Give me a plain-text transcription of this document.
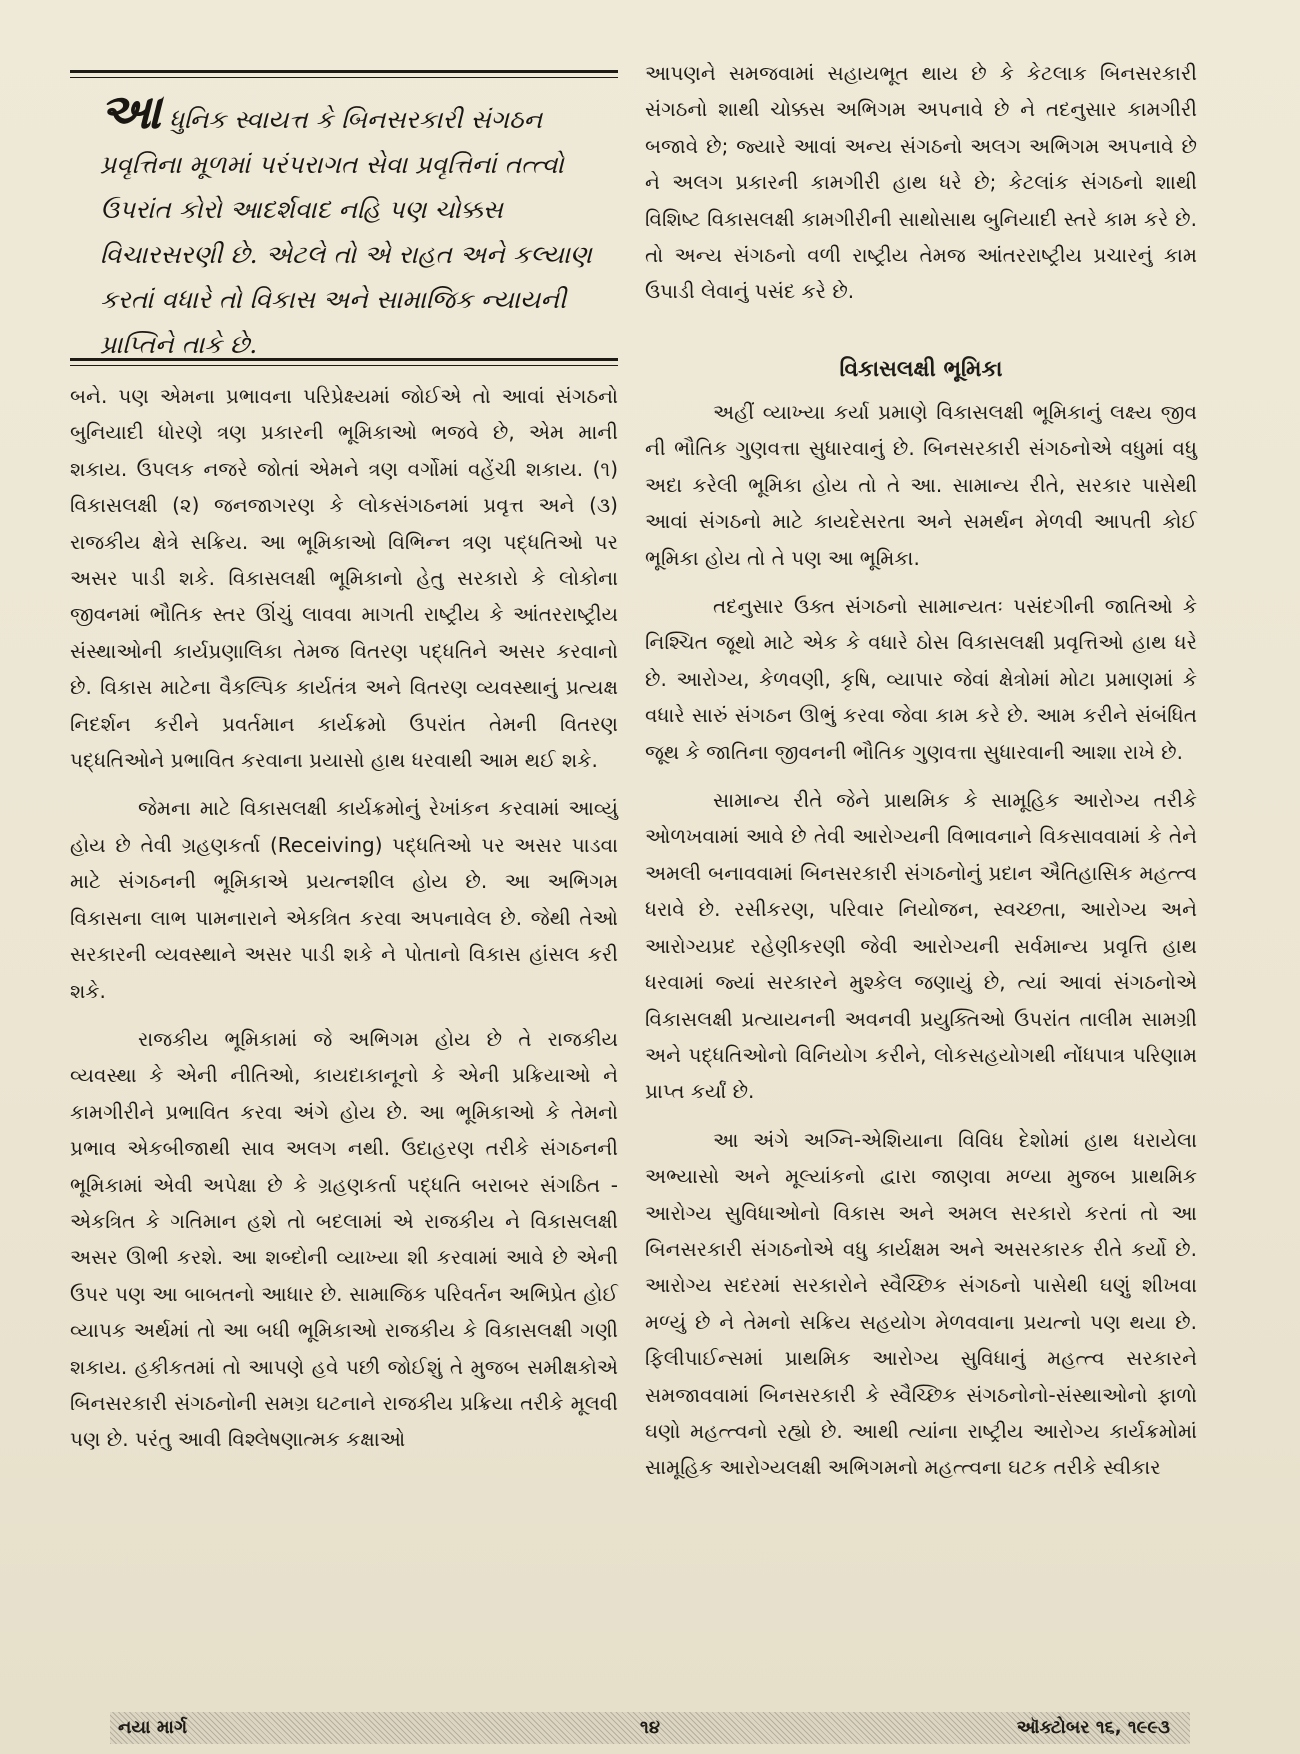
આ ધુનિક સ્વાયત્ત કે બિનસરકારી સંગઠન પ્રવૃત્તિના મૂળમાં પરંપરાગત સેવા પ્રવૃત્તિનાં તત્ત્વો ઉપરાંત કોરો આદર્શવાદ નહિ પણ ચોક્કસ વિચારસરણી છે. એટલે તો એ રાહત અને કલ્યાણ કરતાં વધારે તો વિકાસ અને સામાજિક ન્યાયની પ્રાપ્તિને તાકે છે.

બને. પણ એમના પ્રભાવના પરિપ્રેક્ષ્યમાં જોઈએ તો આવાં સંગઠનો બુનિયાદી ધોરણે ત્રણ પ્રકારની ભૂમિકાઓ ભજવે છે, એમ માની શકાય. ઉપલક નજરે જોતાં એમને ત્રણ વર્ગોમાં વહેંચી શકાય. (૧) વિકાસલક્ષી (૨) જનજાગરણ કે લોકસંગઠનમાં પ્રવૃત્ત અને (૩) રાજકીય ક્ષેત્રે સક્રિય. આ ભૂમિકાઓ વિભિન્ન ત્રણ પદ્ધતિઓ પર અસર પાડી શકે. વિકાસલક્ષી ભૂમિકાનો હેતુ સરકારો કે લોકોના જીવનમાં ભૌતિક સ્તર ઊંચું લાવવા માગતી રાષ્ટ્રીય કે આંતરરાષ્ટ્રીય સંસ્થાઓની કાર્યપ્રણાલિકા તેમજ વિતરણ પદ્ધતિને અસર કરવાનો છે. વિકાસ માટેના વૈકલ્પિક કાર્યતંત્ર અને વિતરણ વ્યવસ્થાનું પ્રત્યક્ષ નિદર્શન કરીને પ્રવર્તમાન કાર્યક્રમો ઉપરાંત તેમની વિતરણ પદ્ધતિઓને પ્રભાવિત કરવાના પ્રયાસો હાથ ધરવાથી આમ થઈ શકે.

જેમના માટે વિકાસલક્ષી કાર્યક્રમોનું રેખાંકન કરવામાં આવ્યું હોય છે તેવી ગ્રહણકર્તા (Receiving) પદ્ધતિઓ પર અસર પાડવા માટે સંગઠનની ભૂમિકાએ પ્રયત્નશીલ હોય છે. આ અભિગમ વિકાસના લાભ પામનારાને એકત્રિત કરવા અપનાવેલ છે. જેથી તેઓ સરકારની વ્યવસ્થાને અસર પાડી શકે ને પોતાનો વિકાસ હાંસલ કરી શકે.

રાજકીય ભૂમિકામાં જે અભિગમ હોય છે તે રાજકીય વ્યવસ્થા કે એની નીતિઓ, કાયદાકાનૂનો કે એની પ્રક્રિયાઓ ને કામગીરીને પ્રભાવિત કરવા અંગે હોય છે. આ ભૂમિકાઓ કે તેમનો પ્રભાવ એકબીજાથી સાવ અલગ નથી. ઉદાહરણ તરીકે સંગઠનની ભૂમિકામાં એવી અપેક્ષા છે કે ગ્રહણકર્તા પદ્ધતિ બરાબર સંગઠિત - એકત્રિત કે ગતિમાન હશે તો બદલામાં એ રાજકીય ને વિકાસલક્ષી અસર ઊભી કરશે. આ શબ્દોની વ્યાખ્યા શી કરવામાં આવે છે એની ઉપર પણ આ બાબતનો આધાર છે. સામાજિક પરિવર્તન અભિપ્રેત હોઈ વ્યાપક અર્થમાં તો આ બધી ભૂમિકાઓ રાજકીય કે વિકાસલક્ષી ગણી શકાય. હકીકતમાં તો આપણે હવે પછી જોઈશું તે મુજબ સમીક્ષકોએ બિનસરકારી સંગઠનોની સમગ્ર ઘટનાને રાજકીય પ્રક્રિયા તરીકે મૂલવી પણ છે. પરંતુ આવી વિશ્લેષણાત્મક કક્ષાઓ

આપણને સમજવામાં સહાયભૂત થાય છે કે કેટલાક બિનસરકારી સંગઠનો શાથી ચોક્કસ અભિગમ અપનાવે છે ને તદનુસાર કામગીરી બજાવે છે; જ્યારે આવાં અન્ય સંગઠનો અલગ અભિગમ અપનાવે છે ને અલગ પ્રકારની કામગીરી હાથ ધરે છે; કેટલાંક સંગઠનો શાથી વિશિષ્ટ વિકાસલક્ષી કામગીરીની સાથોસાથ બુનિયાદી સ્તરે કામ કરે છે. તો અન્ય સંગઠનો વળી રાષ્ટ્રીય તેમજ આંતરરાષ્ટ્રીય પ્રચારનું કામ ઉપાડી લેવાનું પસંદ કરે છે.

વિકાસલક્ષી ભૂમિકા

અહીં વ્યાખ્યા કર્યા પ્રમાણે વિકાસલક્ષી ભૂમિકાનું લક્ષ્ય જીવ ની ભૌતિક ગુણવત્તા સુધારવાનું છે. બિનસરકારી સંગઠનોએ વધુમાં વધુ અદા કરેલી ભૂમિકા હોય તો તે આ. સામાન્ય રીતે, સરકાર પાસેથી આવાં સંગઠનો માટે કાયદેસરતા અને સમર્થન મેળવી આપતી કોઈ ભૂમિકા હોય તો તે પણ આ ભૂમિકા.

તદનુસાર ઉક્ત સંગઠનો સામાન્યતઃ પસંદગીની જાતિઓ કે નિશ્ચિત જૂથો માટે એક કે વધારે ઠોસ વિકાસલક્ષી પ્રવૃત્તિઓ હાથ ધરે છે. આરોગ્ય, કેળવણી, કૃષિ, વ્યાપાર જેવાં ક્ષેત્રોમાં મોટા પ્રમાણમાં કે વધારે સારું સંગઠન ઊભું કરવા જેવા કામ કરે છે. આમ કરીને સંબંધિત જૂથ કે જાતિના જીવનની ભૌતિક ગુણવત્તા સુધારવાની આશા રાખે છે.

સામાન્ય રીતે જેને પ્રાથમિક કે સામૂહિક આરોગ્ય તરીકે ઓળખવામાં આવે છે તેવી આરોગ્યની વિભાવનાને વિકસાવવામાં કે તેને અમલી બનાવવામાં બિનસરકારી સંગઠનોનું પ્રદાન ઐતિહાસિક મહત્ત્વ ધરાવે છે. રસીકરણ, પરિવાર નિયોજન, સ્વચ્છતા, આરોગ્ય અને આરોગ્યપ્રદ રહેણીકરણી જેવી આરોગ્યની સર્વમાન્ય પ્રવૃત્તિ હાથ ધરવામાં જ્યાં સરકારને મુશ્કેલ જણાયું છે, ત્યાં આવાં સંગઠનોએ વિકાસલક્ષી પ્રત્યાયનની અવનવી પ્રયુક્તિઓ ઉપરાંત તાલીમ સામગ્રી અને પદ્ધતિઓનો વિનિયોગ કરીને, લોકસહયોગથી નોંધપાત્ર પરિણામ પ્રાપ્ત કર્યાં છે.

આ અંગે અગ્નિ-એશિયાના વિવિધ દેશોમાં હાથ ધરાયેલા અભ્યાસો અને મૂલ્યાંકનો દ્વારા જાણવા મળ્યા મુજબ પ્રાથમિક આરોગ્ય સુવિધાઓનો વિકાસ અને અમલ સરકારો કરતાં તો આ બિનસરકારી સંગઠનોએ વધુ કાર્યક્ષમ અને અસરકારક રીતે કર્યો છે. આરોગ્ય સદરમાં સરકારોને સ્વૈચ્છિક સંગઠનો પાસેથી ઘણું શીખવા મળ્યું છે ને તેમનો સક્રિય સહયોગ મેળવવાના પ્રયત્નો પણ થયા છે. ફિલીપાઈન્સમાં પ્રાથમિક આરોગ્ય સુવિધાનું મહત્ત્વ સરકારને સમજાવવામાં બિનસરકારી કે સ્વૈચ્છિક સંગઠનોનો-સંસ્થાઓનો ફાળો ઘણો મહત્ત્વનો રહ્યો છે. આથી ત્યાંના રાષ્ટ્રીય આરોગ્ય કાર્યક્રમોમાં સામૂહિક આરોગ્યલક્ષી અભિગમનો મહત્ત્વના ઘટક તરીકે સ્વીકાર

નયા માર્ગ	૧૪	ઑક્ટોબર ૧૬, ૧૯૯૩
